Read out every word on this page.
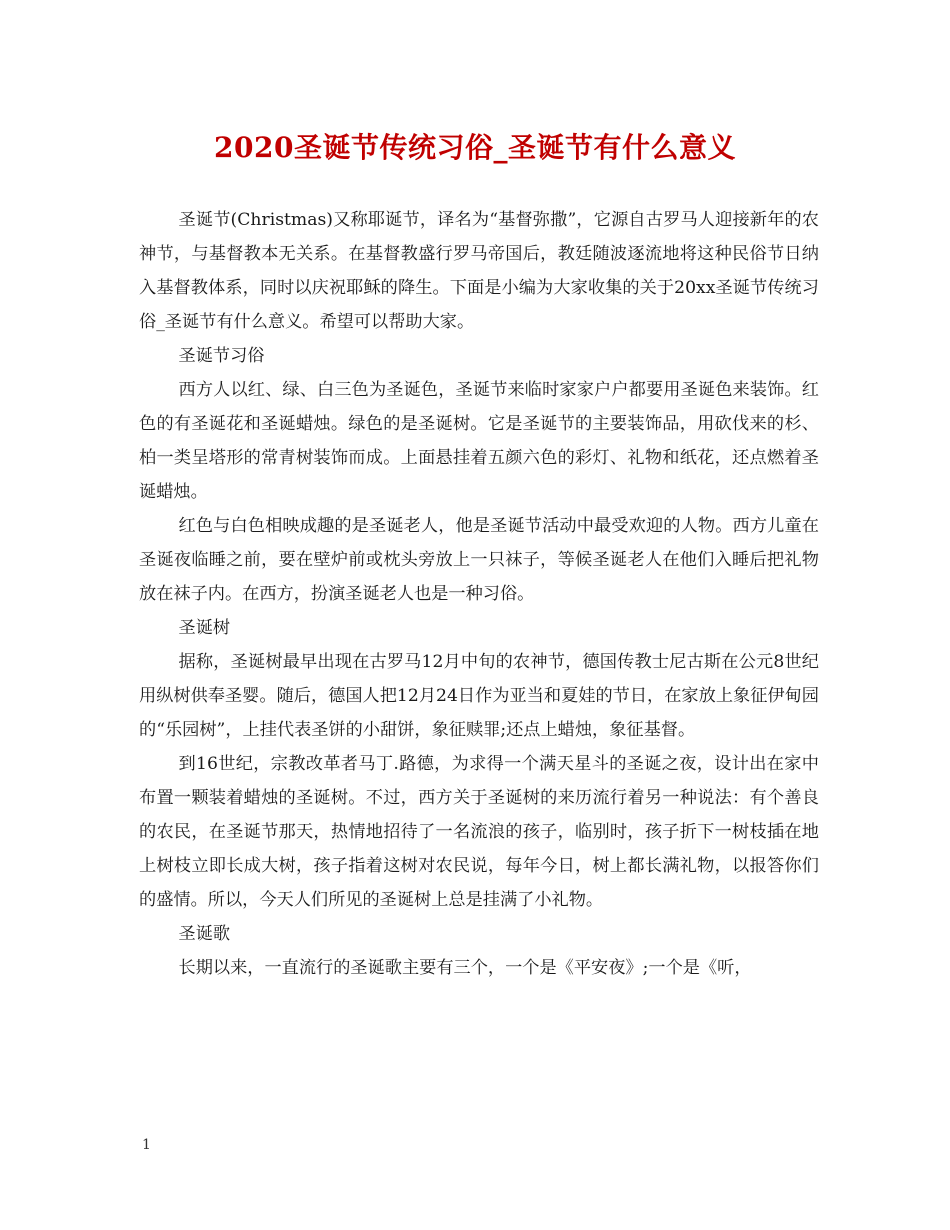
2020圣诞节传统习俗_圣诞节有什么意义

圣诞节(Christmas)又称耶诞节，译名为“基督弥撒”，它源自古罗马人迎接新年的农神节，与基督教本无关系。在基督教盛行罗马帝国后，教廷随波逐流地将这种民俗节日纳入基督教体系，同时以庆祝耶稣的降生。下面是小编为大家收集的关于20xx圣诞节传统习俗_圣诞节有什么意义。希望可以帮助大家。

圣诞节习俗

西方人以红、绿、白三色为圣诞色，圣诞节来临时家家户户都要用圣诞色来装饰。红色的有圣诞花和圣诞蜡烛。绿色的是圣诞树。它是圣诞节的主要装饰品，用砍伐来的杉、柏一类呈塔形的常青树装饰而成。上面悬挂着五颜六色的彩灯、礼物和纸花，还点燃着圣诞蜡烛。

红色与白色相映成趣的是圣诞老人，他是圣诞节活动中最受欢迎的人物。西方儿童在圣诞夜临睡之前，要在壁炉前或枕头旁放上一只袜子，等候圣诞老人在他们入睡后把礼物放在袜子内。在西方，扮演圣诞老人也是一种习俗。

圣诞树

据称，圣诞树最早出现在古罗马12月中旬的农神节，德国传教士尼古斯在公元8世纪用纵树供奉圣婴。随后，德国人把12月24日作为亚当和夏娃的节日，在家放上象征伊甸园的“乐园树”，上挂代表圣饼的小甜饼，象征赎罪;还点上蜡烛，象征基督。

到16世纪，宗教改革者马丁.路德，为求得一个满天星斗的圣诞之夜，设计出在家中布置一颗装着蜡烛的圣诞树。不过，西方关于圣诞树的来历流行着另一种说法：有个善良的农民，在圣诞节那天，热情地招待了一名流浪的孩子，临别时，孩子折下一树枝插在地上树枝立即长成大树，孩子指着这树对农民说，每年今日，树上都长满礼物，以报答你们的盛情。所以，今天人们所见的圣诞树上总是挂满了小礼物。

圣诞歌

长期以来，一直流行的圣诞歌主要有三个，一个是《平安夜》;一个是《听，

1
